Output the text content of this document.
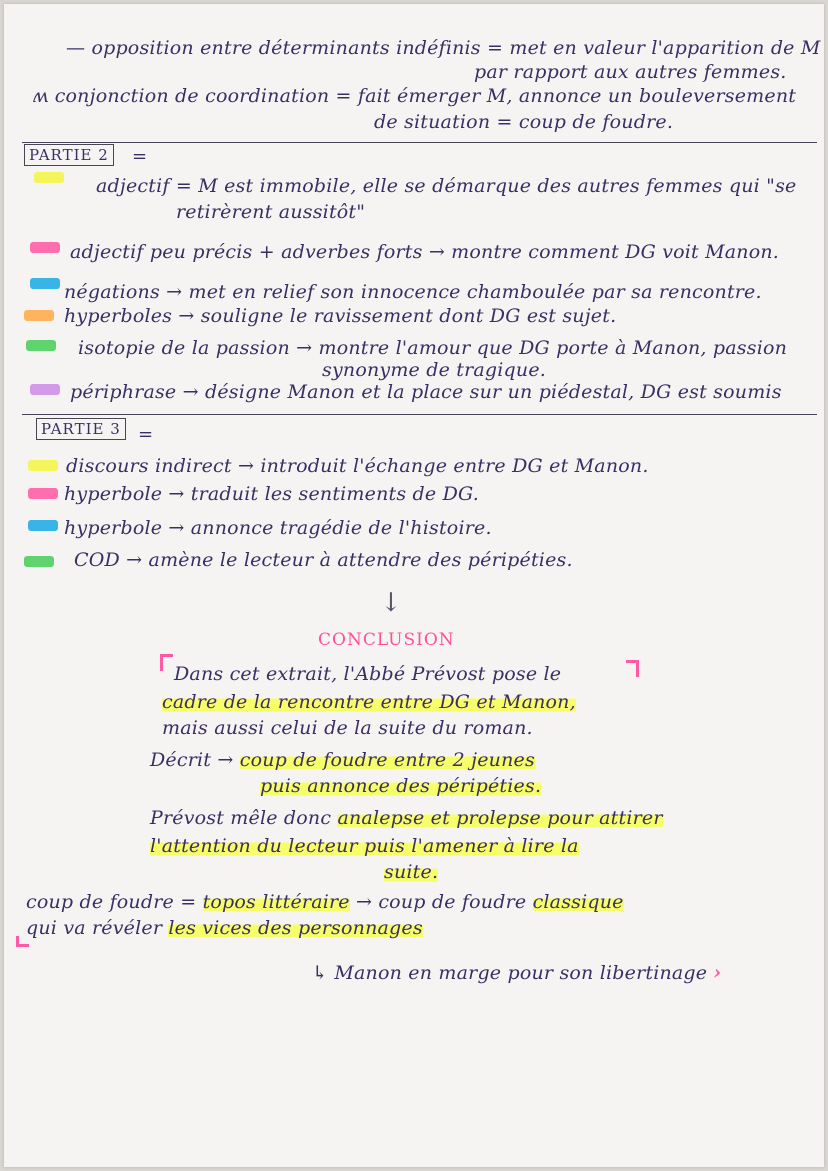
— opposition entre déterminants indéfinis = met en valeur l'apparition de M
par rapport aux autres femmes.
ʍ conjonction de coordination = fait émerger M, annonce un bouleversement
de situation = coup de foudre.
PARTIE 2 =
adjectif = M est immobile, elle se démarque des autres femmes qui "se
retirèrent aussitôt"
adjectif peu précis + adverbes forts → montre comment DG voit Manon.
négations → met en relief son innocence chamboulée par sa rencontre.
hyperboles → souligne le ravissement dont DG est sujet.
isotopie de la passion → montre l'amour que DG porte à Manon, passion
synonyme de tragique.
périphrase → désigne Manon et la place sur un piédestal, DG est soumis
PARTIE 3 =
discours indirect → introduit l'échange entre DG et Manon.
hyperbole → traduit les sentiments de DG.
hyperbole → annonce tragédie de l'histoire.
COD → amène le lecteur à attendre des péripéties.
↓
CONCLUSION
Dans cet extrait, l'Abbé Prévost pose le
cadre de la rencontre entre DG et Manon,
mais aussi celui de la suite du roman.
Décrit → coup de foudre entre 2 jeunes
puis annonce des péripéties.
Prévost mêle donc analepse et prolepse pour attirer
l'attention du lecteur puis l'amener à lire la
suite.
coup de foudre = topos littéraire → coup de foudre classique
qui va révéler les vices des personnages
↳ Manon en marge pour son libertinage ›
